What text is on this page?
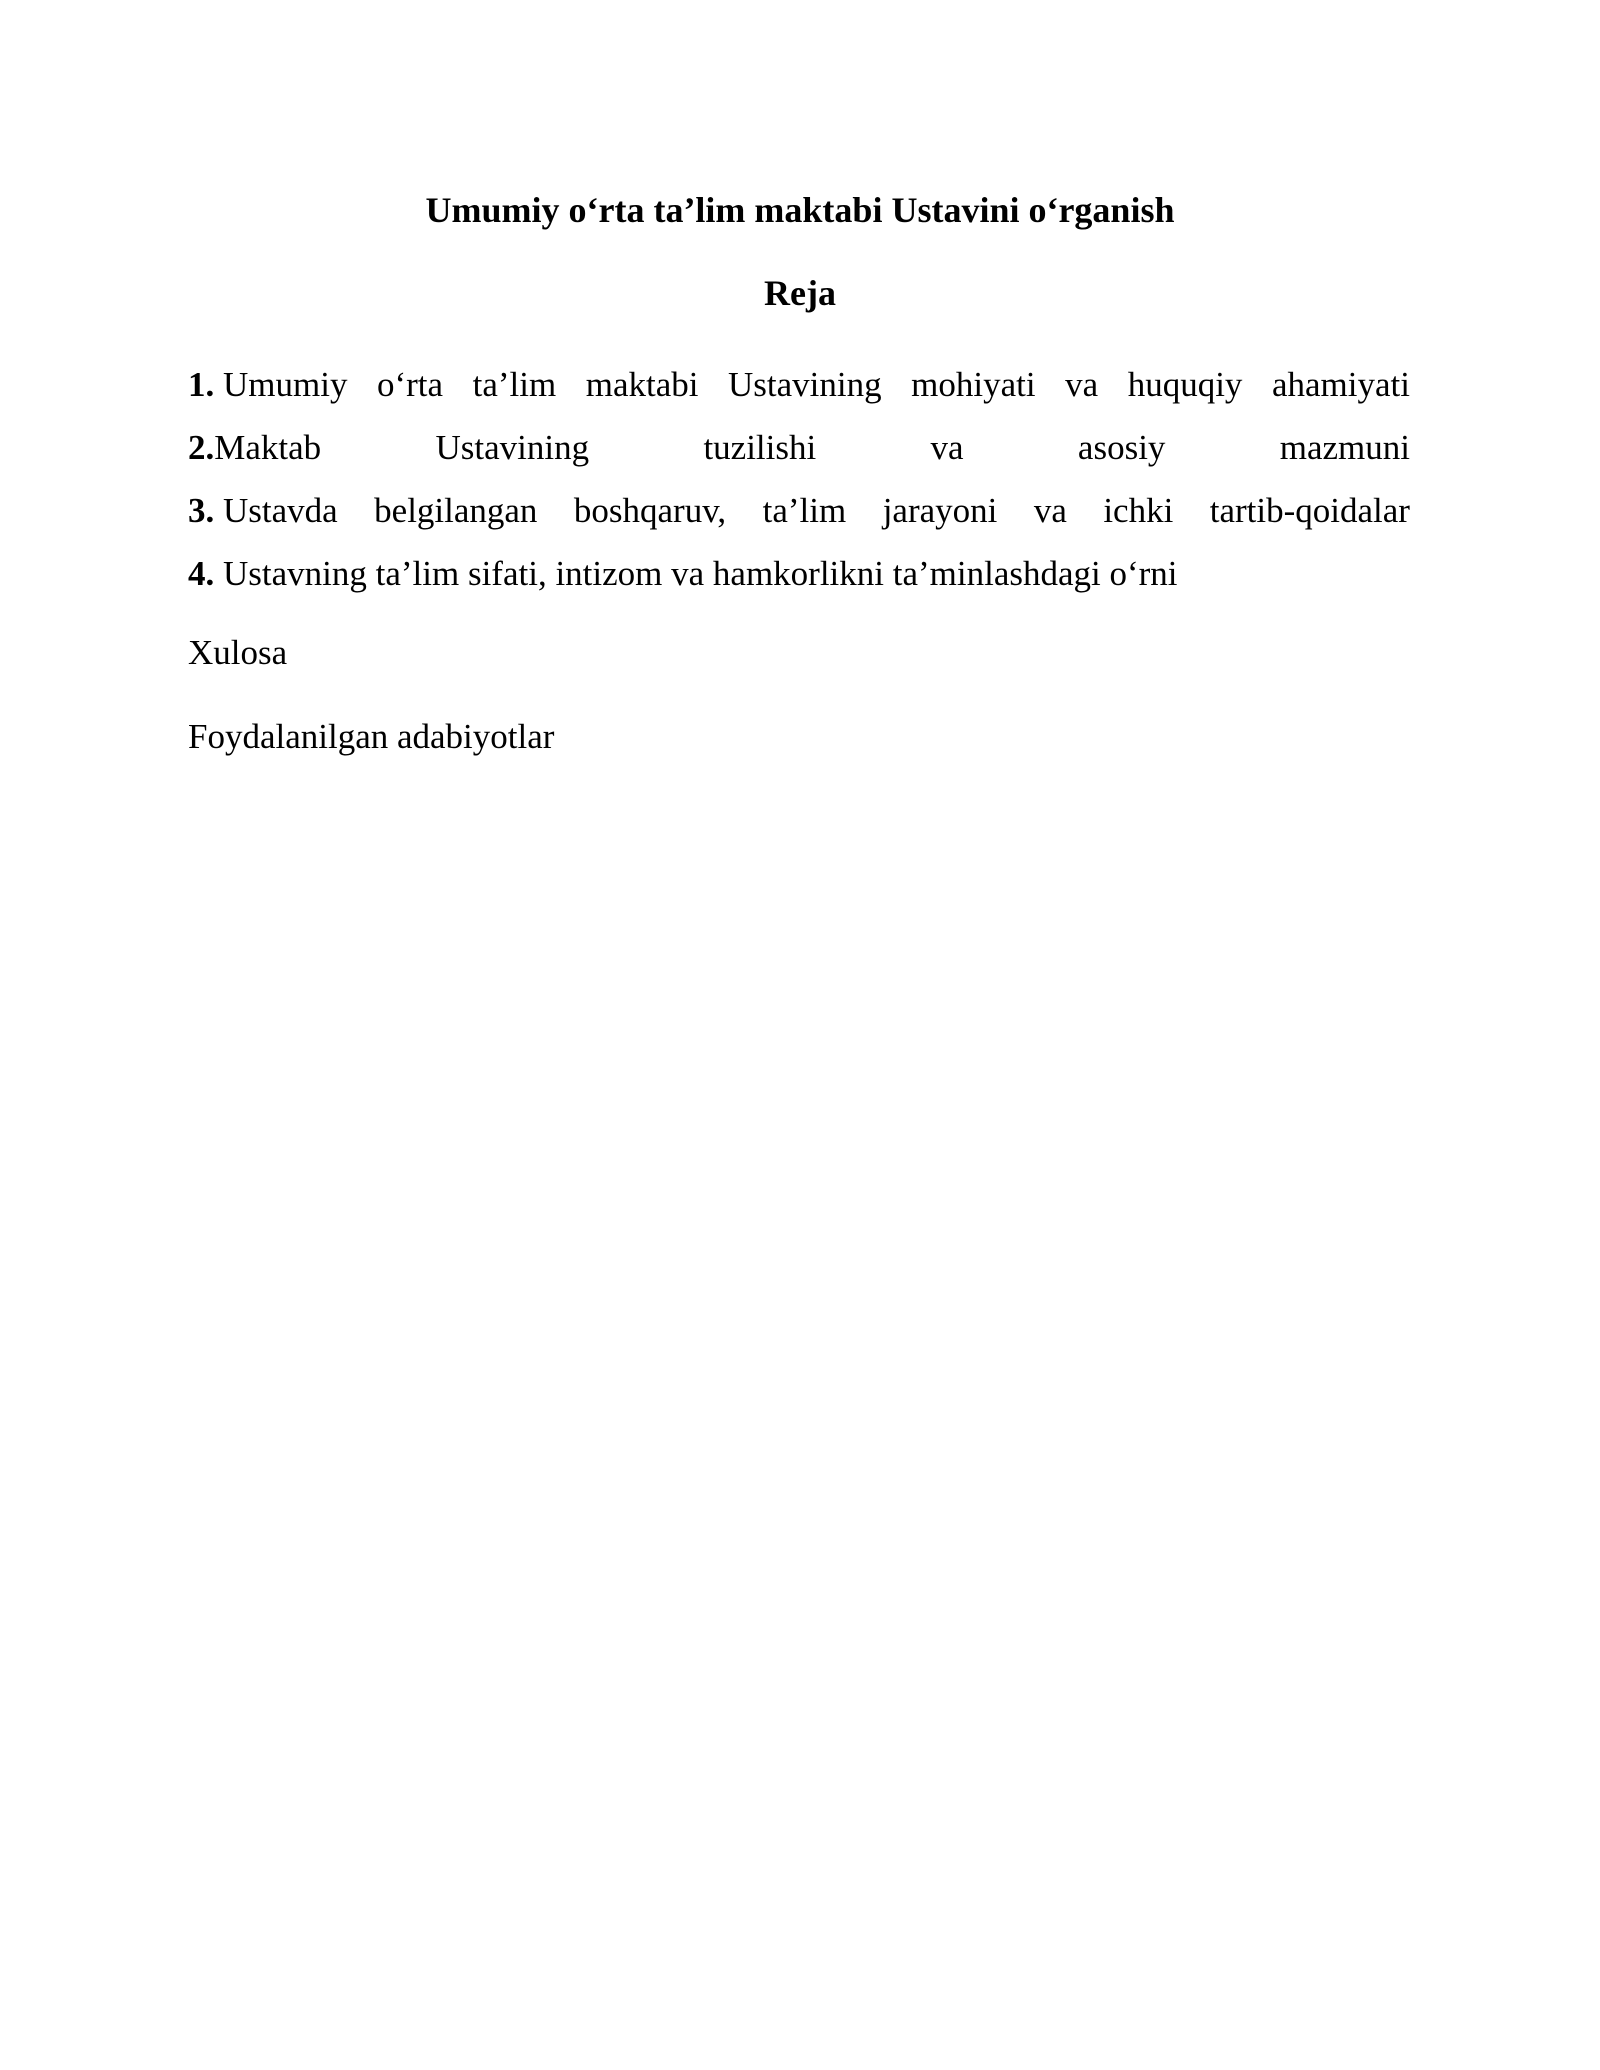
Umumiy o‘rta ta’lim maktabi Ustavini o‘rganish
Reja
1. Umumiy o‘rta ta’lim maktabi Ustavining mohiyati va huquqiy ahamiyati
2.Maktab	Ustavining	tuzilishi	va	asosiy	mazmuni
3. Ustavda belgilangan boshqaruv, ta’lim jarayoni va ichki tartib-qoidalar
4. Ustavning ta’lim sifati, intizom va hamkorlikni ta’minlashdagi o‘rni

Xulosa

Foydalanilgan adabiyotlar
